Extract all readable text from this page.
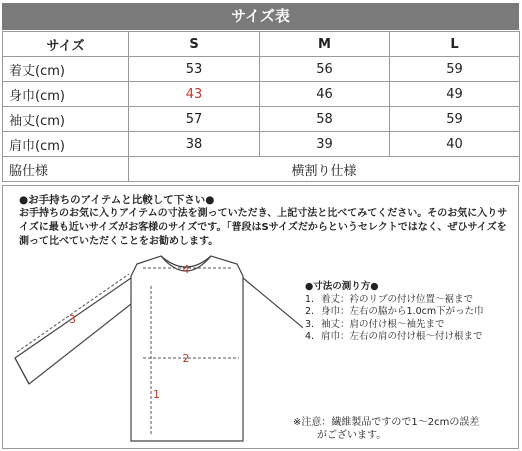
サイズ表
サイズ	S	M	L
着丈(cm)	53	56	59
身巾(cm)	43	46	49
袖丈(cm)	57	58	59
肩巾(cm)	38	39	40
脇仕様	横割り仕様		
●お手持ちのアイテムと比較して下さい●
お手持ちのお気に入りアイテムの寸法を測っていただき、上記寸法と比べてみてください。そのお気に入りサイズに最も近いサイズがお客様のサイズです。「普段はSサイズだからというセレクトではなく、ぜひサイズを測って比べていただくことをお勧めします。
4
2
1
3
●寸法の測り方●
1. 着丈：衿のリブの付け位置～裾まで
2. 身巾：左右の脇から1.0cm下がった巾
3. 袖丈：肩の付け根～袖先まで
4. 肩巾：左右の肩の付け根～付け根まで
※注意：繊維製品ですので1～2cmの誤差
がございます。
